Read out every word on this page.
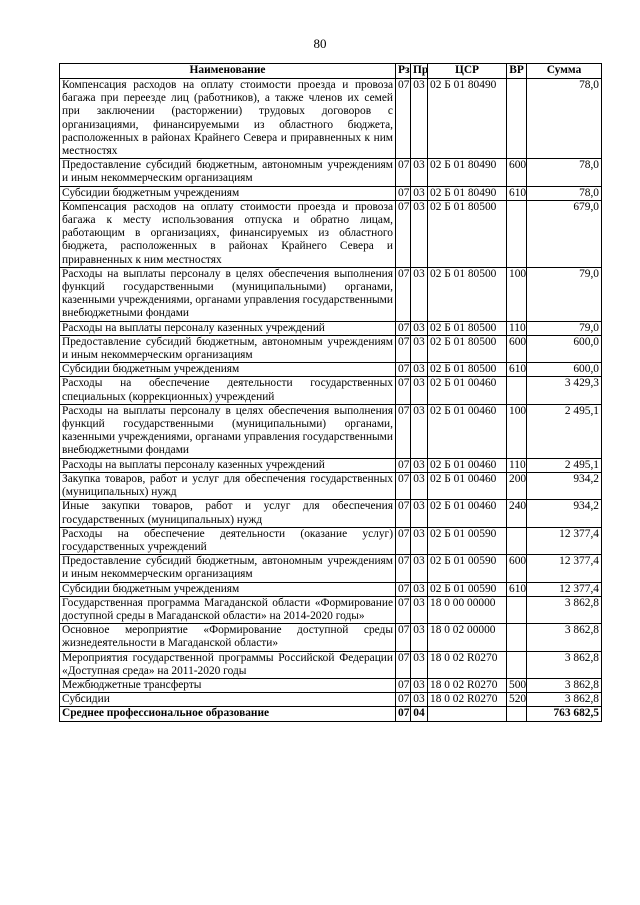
80
Наименование	Рз	Пр	ЦСР	ВР	Сумма
Компенсация расходов на оплату стоимости проезда и провоза багажа при переезде лиц (работников), а также членов их семей при заключении (расторжении) трудовых договоров с организациями, финансируемыми из областного бюджета, расположенных в районах Крайнего Севера и приравненных к ним местностях	07	03	02 Б 01 80490		78,0
Предоставление субсидий бюджетным, автономным учреждениям и иным некоммерческим организациям	07	03	02 Б 01 80490	600	78,0
Субсидии бюджетным учреждениям	07	03	02 Б 01 80490	610	78,0
Компенсация расходов на оплату стоимости проезда и провоза багажа к месту использования отпуска и обратно лицам, работающим в организациях, финансируемых из областного бюджета, расположенных в районах Крайнего Севера и приравненных к ним местностях	07	03	02 Б 01 80500		679,0
Расходы на выплаты персоналу в целях обеспечения выполнения функций государственными (муниципальными) органами, казенными учреждениями, органами управления государственными внебюджетными фондами	07	03	02 Б 01 80500	100	79,0
Расходы на выплаты персоналу казенных учреждений	07	03	02 Б 01 80500	110	79,0
Предоставление субсидий бюджетным, автономным учреждениям и иным некоммерческим организациям	07	03	02 Б 01 80500	600	600,0
Субсидии бюджетным учреждениям	07	03	02 Б 01 80500	610	600,0
Расходы на обеспечение деятельности государственных специальных (коррекционных) учреждений	07	03	02 Б 01 00460		3 429,3
Расходы на выплаты персоналу в целях обеспечения выполнения функций государственными (муниципальными) органами, казенными учреждениями, органами управления государственными внебюджетными фондами	07	03	02 Б 01 00460	100	2 495,1
Расходы на выплаты персоналу казенных учреждений	07	03	02 Б 01 00460	110	2 495,1
Закупка товаров, работ и услуг для обеспечения государственных (муниципальных) нужд	07	03	02 Б 01 00460	200	934,2
Иные закупки товаров, работ и услуг для обеспечения государственных (муниципальных) нужд	07	03	02 Б 01 00460	240	934,2
Расходы на обеспечение деятельности (оказание услуг) государственных учреждений	07	03	02 Б 01 00590		12 377,4
Предоставление субсидий бюджетным, автономным учреждениям и иным некоммерческим организациям	07	03	02 Б 01 00590	600	12 377,4
Субсидии бюджетным учреждениям	07	03	02 Б 01 00590	610	12 377,4
Государственная программа Магаданской области «Формирование доступной среды в Магаданской области» на 2014-2020 годы»	07	03	18 0 00 00000		3 862,8
Основное мероприятие «Формирование доступной среды жизнедеятельности в Магаданской области»	07	03	18 0 02 00000		3 862,8
Мероприятия государственной программы Российской Федерации «Доступная среда» на 2011-2020 годы	07	03	18 0 02 R0270		3 862,8
Межбюджетные трансферты	07	03	18 0 02 R0270	500	3 862,8
Субсидии	07	03	18 0 02 R0270	520	3 862,8
Среднее профессиональное образование	07	04			763 682,5
